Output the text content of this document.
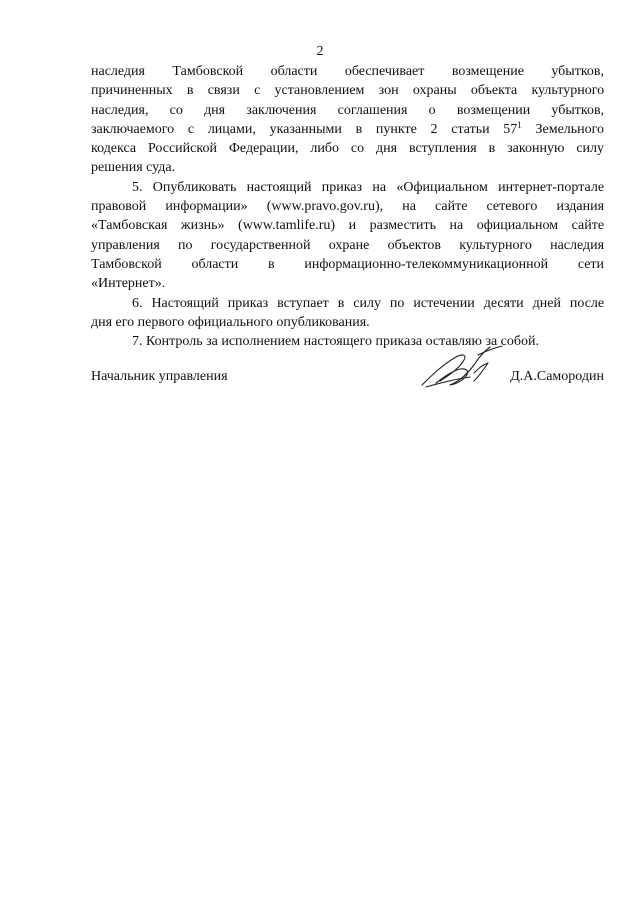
2
наследия Тамбовской области обеспечивает возмещение убытков,
причиненных в связи с установлением зон охраны объекта культурного
наследия, со дня заключения соглашения о возмещении убытков,
заключаемого с лицами, указанными в пункте 2 статьи $57^1$ Земельного
кодекса Российской Федерации, либо со дня вступления в законную силу
решения суда.
5. Опубликовать настоящий приказ на «Официальном интернет-портале
правовой информации» (www.pravo.gov.ru), на сайте сетевого издания
«Тамбовская жизнь» (www.tamlife.ru) и разместить на официальном сайте
управления по государственной охране объектов культурного наследия
Тамбовской области в информационно-телекоммуникационной сети
«Интернет».
6. Настоящий приказ вступает в силу по истечении десяти дней после
дня его первого официального опубликования.
7. Контроль за исполнением настоящего приказа оставляю за собой.
Начальник управления	Д.А.Самородин
